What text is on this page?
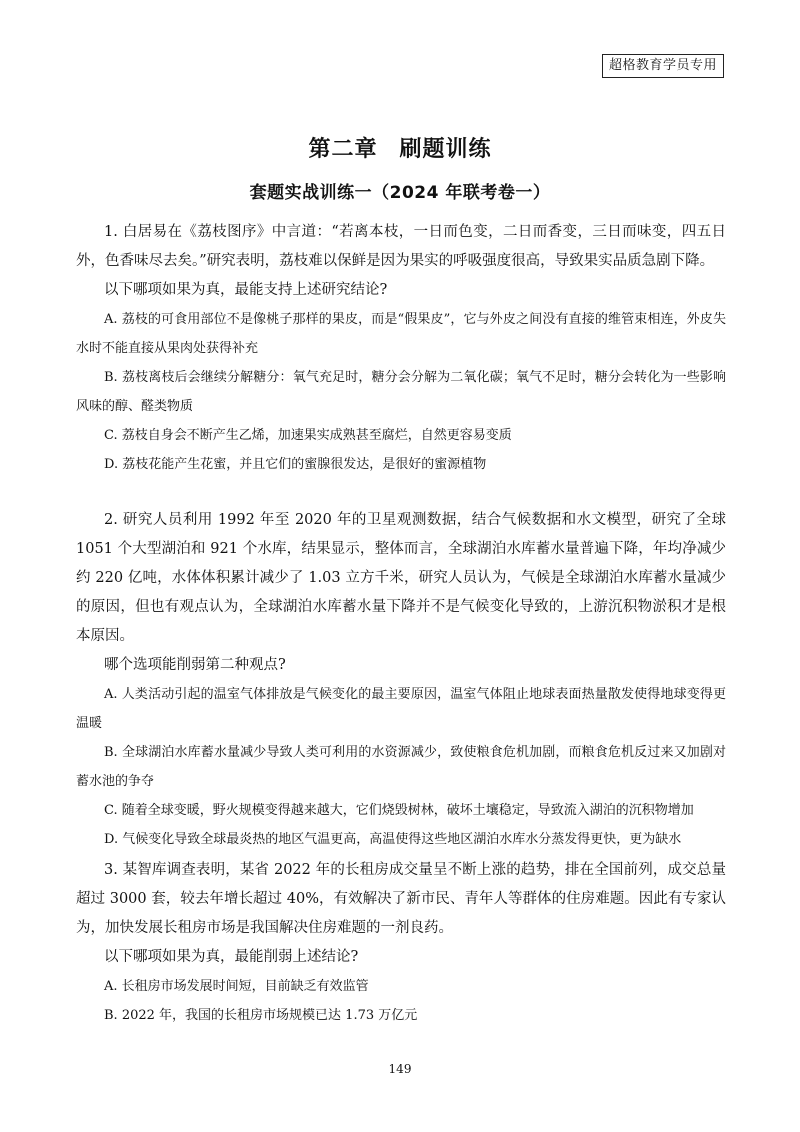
超格教育学员专用
第二章 刷题训练
套题实战训练一（2024 年联考卷一）

1. 白居易在《荔枝图序》中言道：“若离本枝，一日而色变，二日而香变，三日而味变，四五日外，色香味尽去矣。”研究表明，荔枝难以保鲜是因为果实的呼吸强度很高，导致果实品质急剧下降。

以下哪项如果为真，最能支持上述研究结论?

A. 荔枝的可食用部位不是像桃子那样的果皮，而是“假果皮”，它与外皮之间没有直接的维管束相连，外皮失水时不能直接从果肉处获得补充

B. 荔枝离枝后会继续分解糖分：氧气充足时，糖分会分解为二氧化碳；氧气不足时，糖分会转化为一些影响风味的醇、醛类物质

C. 荔枝自身会不断产生乙烯，加速果实成熟甚至腐烂，自然更容易变质

D. 荔枝花能产生花蜜，并且它们的蜜腺很发达，是很好的蜜源植物

2. 研究人员利用 1992 年至 2020 年的卫星观测数据，结合气候数据和水文模型，研究了全球 1051 个大型湖泊和 921 个水库，结果显示，整体而言，全球湖泊水库蓄水量普遍下降，年均净减少约 220 亿吨，水体体积累计减少了 1.03 立方千米，研究人员认为，气候是全球湖泊水库蓄水量减少的原因，但也有观点认为，全球湖泊水库蓄水量下降并不是气候变化导致的，上游沉积物淤积才是根本原因。

哪个选项能削弱第二种观点?

A. 人类活动引起的温室气体排放是气候变化的最主要原因，温室气体阻止地球表面热量散发使得地球变得更温暖

B. 全球湖泊水库蓄水量减少导致人类可利用的水资源减少，致使粮食危机加剧，而粮食危机反过来又加剧对蓄水池的争夺

C. 随着全球变暖，野火规模变得越来越大，它们烧毁树林，破坏土壤稳定，导致流入湖泊的沉积物增加

D. 气候变化导致全球最炎热的地区气温更高，高温使得这些地区湖泊水库水分蒸发得更快，更为缺水

3. 某智库调查表明，某省 2022 年的长租房成交量呈不断上涨的趋势，排在全国前列，成交总量超过 3000 套，较去年增长超过 40%，有效解决了新市民、青年人等群体的住房难题。因此有专家认为，加快发展长租房市场是我国解决住房难题的一剂良药。

以下哪项如果为真，最能削弱上述结论?

A. 长租房市场发展时间短，目前缺乏有效监管

B. 2022 年，我国的长租房市场规模已达 1.73 万亿元

149
